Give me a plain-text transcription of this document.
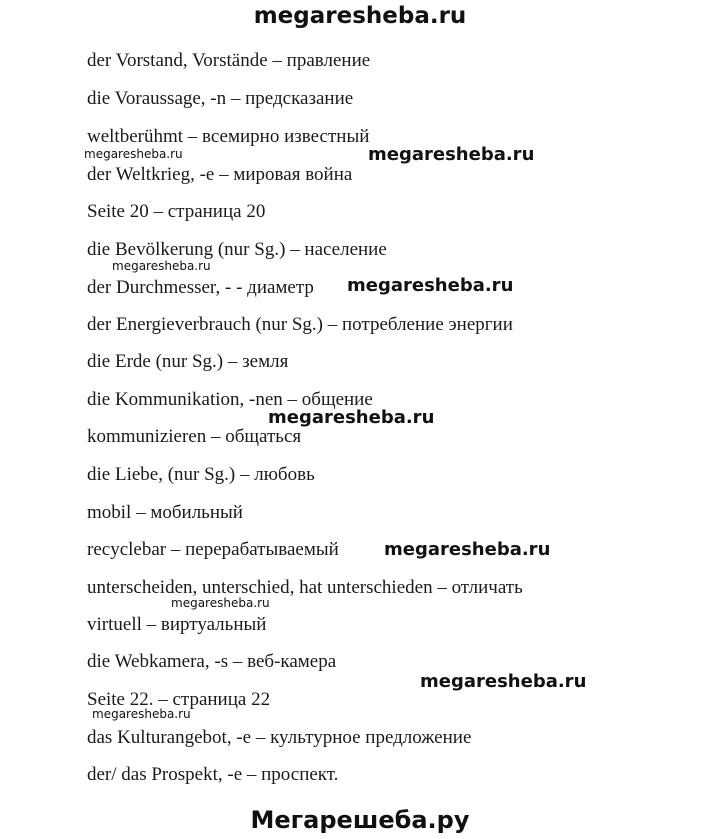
megaresheba.ru
der Vorstand, Vorstände – правление
die Voraussage, -n – предсказание
weltberühmt – всемирно известный
der Weltkrieg, -e – мировая война
Seite 20 – страница 20
die Bevölkerung (nur Sg.) – население
der Durchmesser, - - диаметр
der Energieverbrauch (nur Sg.) – потребление энергии
die Erde (nur Sg.) – земля
die Kommunikation, -nen – общение
kommunizieren – общаться
die Liebe, (nur Sg.) – любовь
mobil – мобильный
recyclebar – перерабатываемый
unterscheiden, unterschied, hat unterschieden – отличать
virtuell – виртуальный
die Webkamera, -s – веб-камера
Seite 22. – страница 22
das Kulturangebot, -e – культурное предложение
der/ das Prospekt, -e – проспект.
megaresheba.ru
megaresheba.ru
megaresheba.ru
megaresheba.ru
megaresheba.ru
megaresheba.ru
megaresheba.ru
megaresheba.ru
megaresheba.ru
Мегарешеба.ру
